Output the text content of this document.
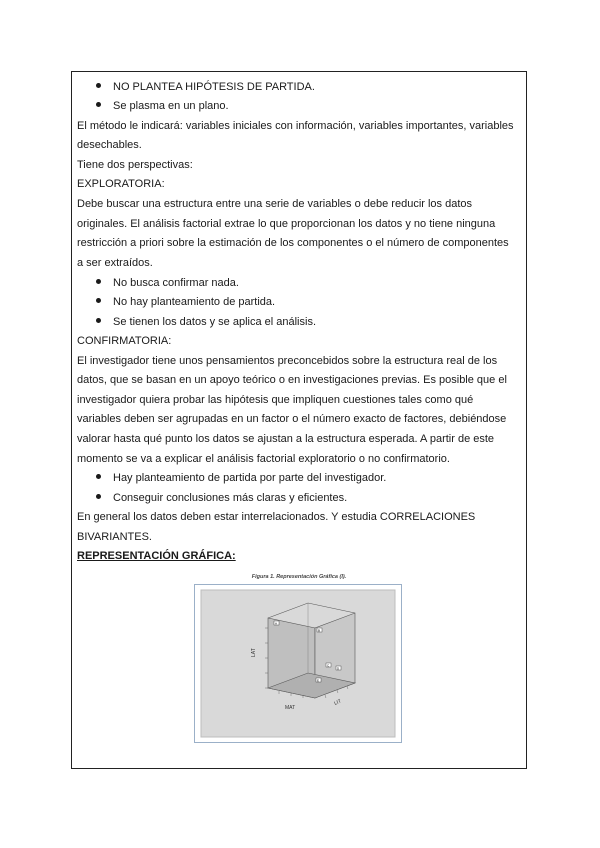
NO PLANTEA HIPÓTESIS DE PARTIDA.
Se plasma en un plano.
El método le indicará: variables iniciales con información, variables importantes, variables
desechables.
Tiene dos perspectivas:
EXPLORATORIA:
Debe buscar una estructura entre una serie de variables o debe reducir los datos
originales. El análisis factorial extrae lo que proporcionan los datos y no tiene ninguna
restricción a priori sobre la estimación de los componentes o el número de componentes
a ser extraídos.
No busca confirmar nada.
No hay planteamiento de partida.
Se tienen los datos y se aplica el análisis.
CONFIRMATORIA:
El investigador tiene unos pensamientos preconcebidos sobre la estructura real de los
datos, que se basan en un apoyo teórico o en investigaciones previas. Es posible que el
investigador quiera probar las hipótesis que impliquen cuestiones tales como qué
variables deben ser agrupadas en un factor o el número exacto de factores, debiéndose
valorar hasta qué punto los datos se ajustan a la estructura esperada. A partir de este
momento se va a explicar el análisis factorial exploratorio o no confirmatorio.
Hay planteamiento de partida por parte del investigador.
Conseguir conclusiones más claras y eficientes.
En general los datos deben estar interrelacionados. Y estudia CORRELACIONES
BIVARIANTES.
REPRESENTACIÓN GRÁFICA:
Figura 1. Representación Gráfica (I).
LAT
MAT
LIT
A
B
C
D
E
